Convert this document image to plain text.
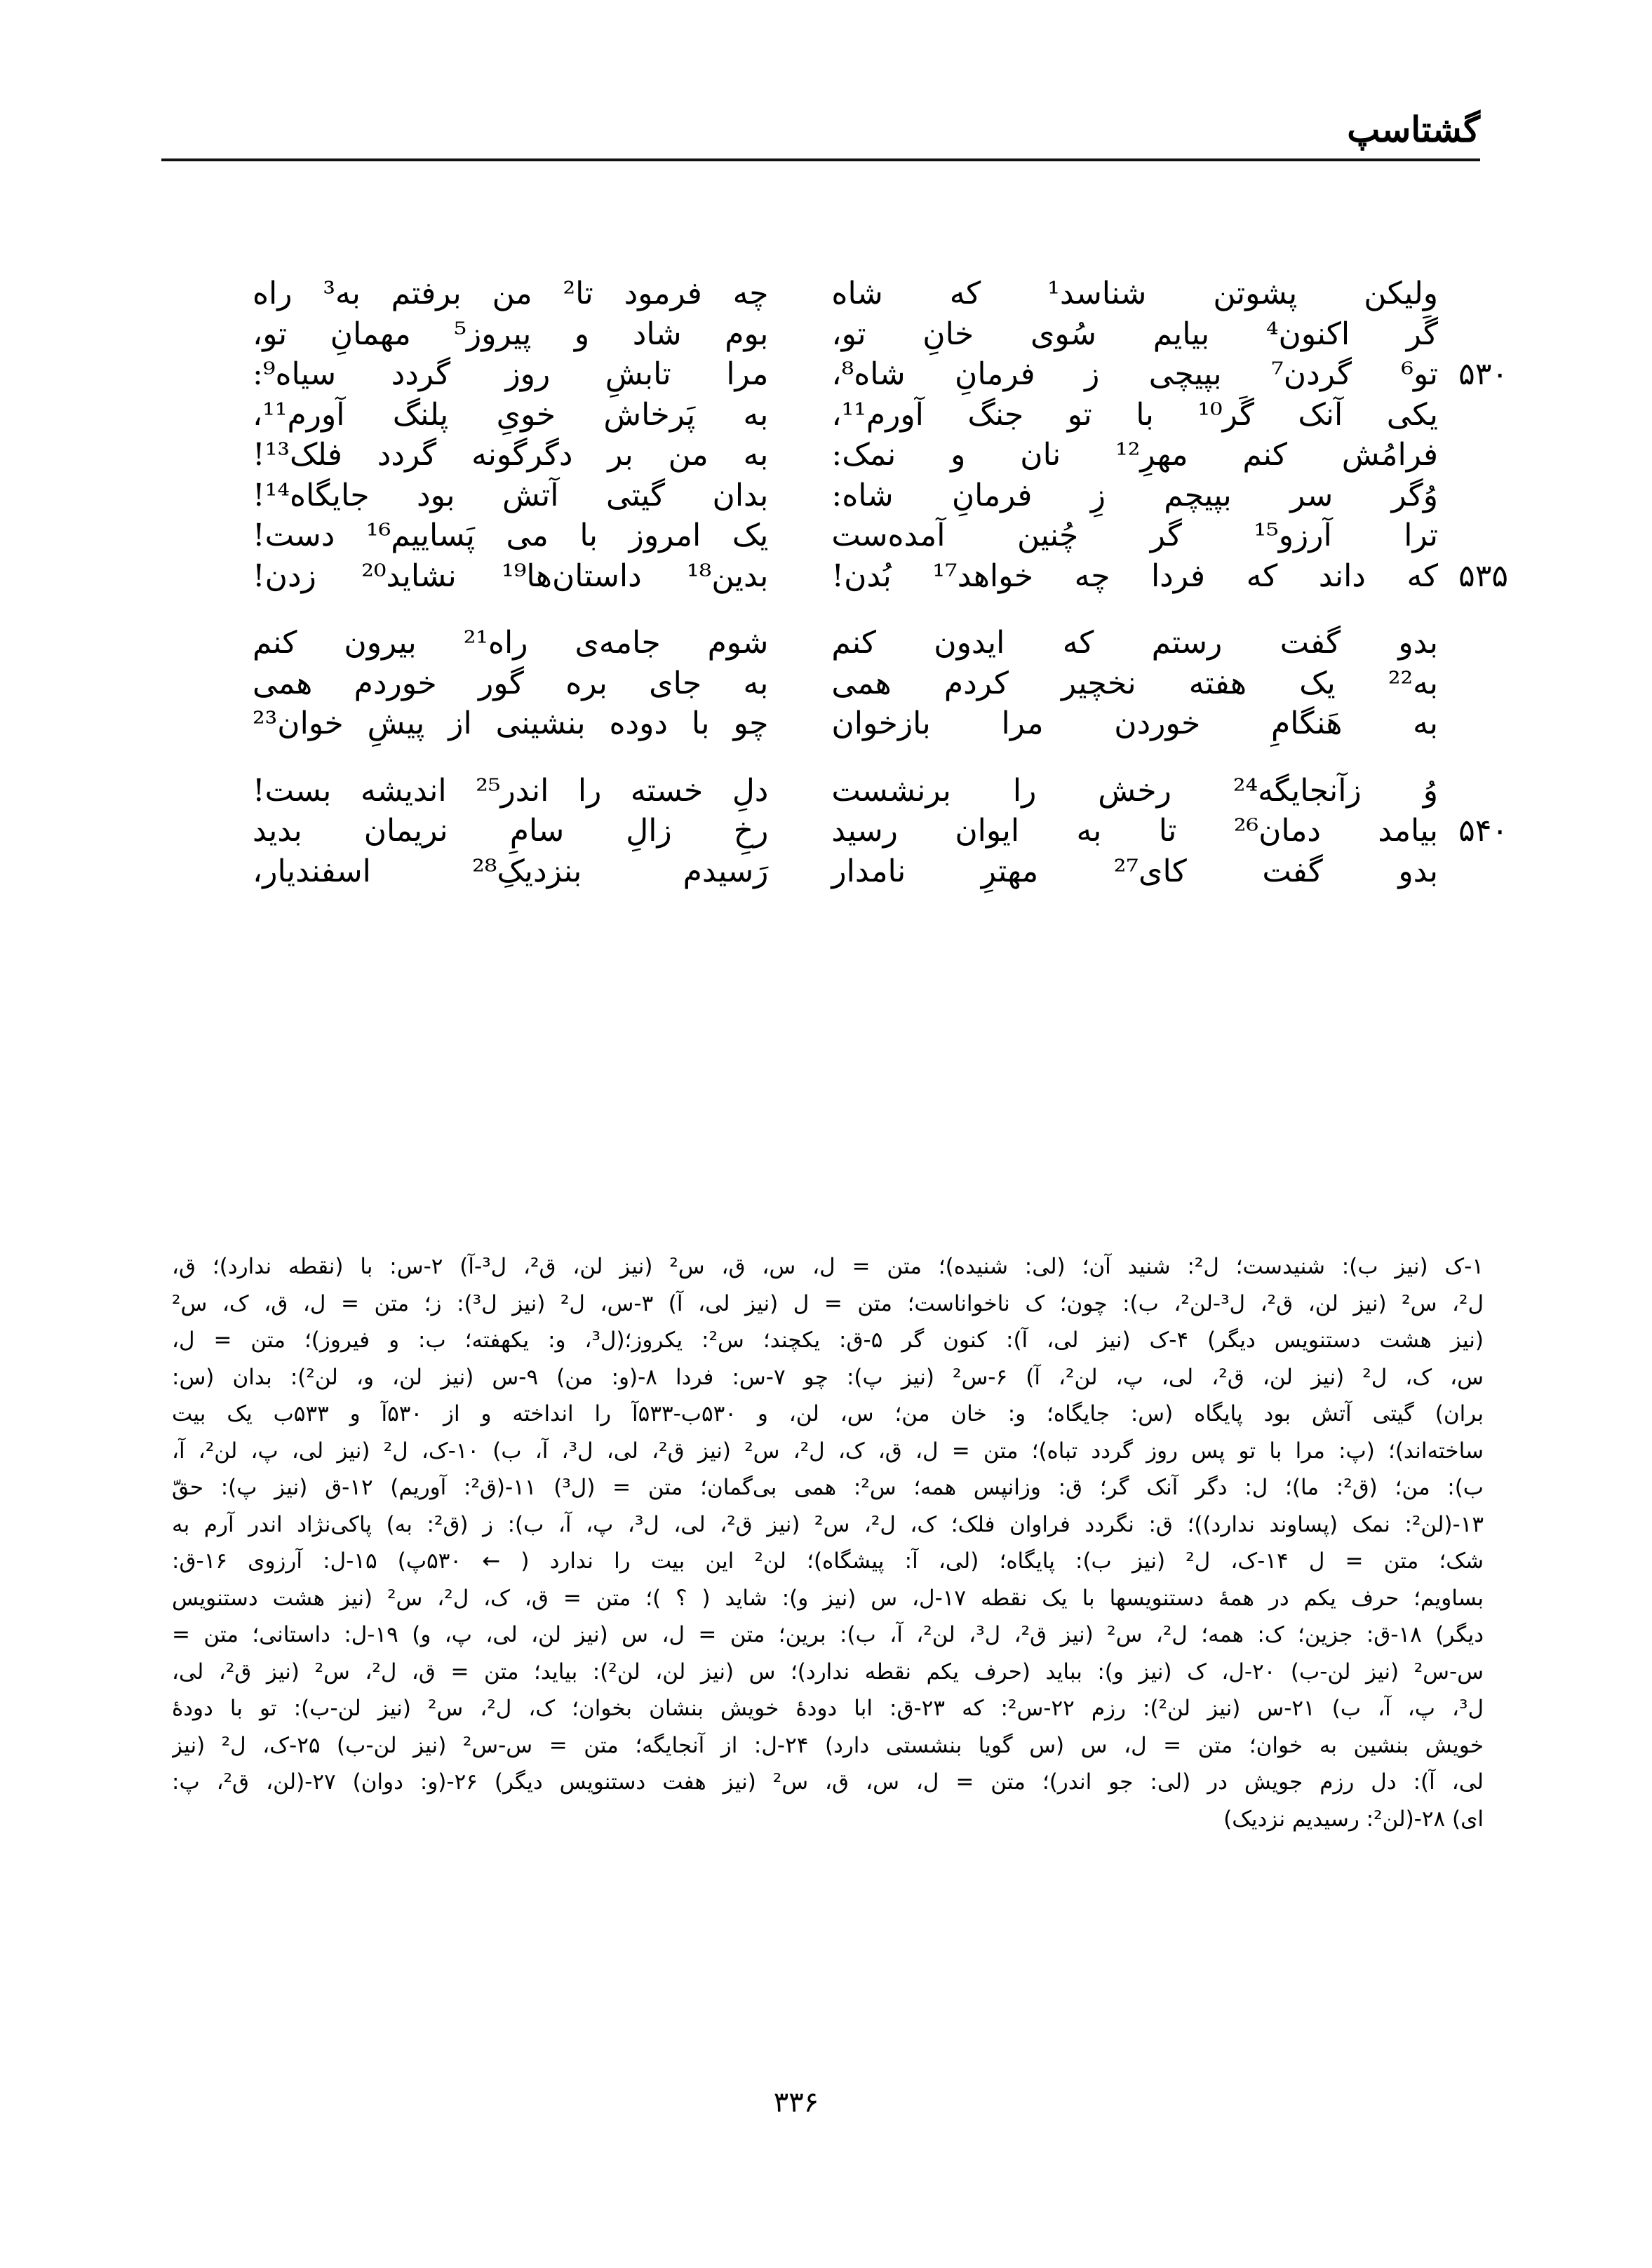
گشتاسپ
ولیکن پشوتن شناسد¹ که شاه
گَر اکنون⁴ بیایم سُوی خانِ تو،
۵۳۰
تو⁶ گردن⁷ بپیچی ز فرمانِ شاه⁸،
یکی آنک گَر¹⁰ با تو جنگ آورم¹¹،
فرامُش کنم مهرِ¹² نان و نمک:
وُگر سر بپیچم زِ فرمانِ شاه:
ترا آرزو¹⁵ گر چُنین آمده‌ست
۵۳۵
که داند که فردا چه خواهد¹⁷ بُدن!
چه فرمود تا² من برفتم به³ راه
بوم شاد و پیروز⁵ مهمانِ تو،
مرا تابشِ روز گردد سیاه⁹:
به پَرخاش خویِ پلنگ آورم¹¹،
به من بر دگرگونه گردد فلک¹³!
بدان گیتی آتش بود جایگاه¹⁴!
یک امروز با می پَساییم¹⁶ دست!
بدین¹⁸ داستان‌ها¹⁹ نشاید²⁰ زدن!
بدو گفت رستم که ایدون کنم
به²² یک هفته نخچیر کردم همی
به هَنگامِ خوردن مرا بازخوان
شوم جامه‌ی راه²¹ بیرون کنم
به جای بره گور خوردم همی
چو با دوده بنشینی از پیشِ خوان²³
وُ زآنجایگه²⁴ رخش را برنشست
۵۴۰
بیامد دمان²⁶ تا به ایوان رسید
بدو گفت کای²⁷ مهترِ نامدار
دلِ خسته را اندر²⁵ اندیشه بست!
رخِ زالِ سامِ نریمان بدید
رَسیدم بنزدیکِ²⁸ اسفندیار،
۱-ک (نیز ب): شنیدست؛ ل²: شنید آن؛ (لی: شنیده)؛ متن = ل، س، ق، س² (نیز لن، ق²، ل³-آ) ۲-س: با (نقطه ندارد)؛ ق،
ل²، س² (نیز لن، ق²، ل³-لن²، ب): چون؛ ک ناخواناست؛ متن = ل (نیز لی، آ) ۳-س، ل² (نیز ل³): ز؛ متن = ل، ق، ک، س²
(نیز هشت دستنویس دیگر) ۴-ک (نیز لی، آ): کنون گر ۵-ق: یکچند؛ س²: یکروز؛(ل³، و: یکهفته؛ ب: و فیروز)؛ متن = ل،
س، ک، ل² (نیز لن، ق²، لی، پ، لن²، آ) ۶-س² (نیز پ): چو ۷-س: فردا ۸-(و: من) ۹-س (نیز لن، و، لن²): بدان (س:
بران) گیتی آتش بود پایگاه (س: جایگاه؛ و: خان من؛ س، لن، و ۵۳۰ب-۵۳۳آ را انداخته و از ۵۳۰آ و ۵۳۳ب یک بیت
ساخته‌اند)؛ (پ: مرا با تو پس روز گردد تباه)؛ متن = ل، ق، ک، ل²، س² (نیز ق²، لی، ل³، آ، ب) ۱۰-ک، ل² (نیز لی، پ، لن²، آ،
ب): من؛ (ق²: ما)؛ ل: دگر آنک گر؛ ق: وزانپس همه؛ س²: همی بی‌گمان؛ متن = (ل³) ۱۱-(ق²: آوریم) ۱۲-ق (نیز پ): حقّ
۱۳-(لن²: نمک (پساوند ندارد))؛ ق: نگردد فراوان فلک؛ ک، ل²، س² (نیز ق²، لی، ل³، پ، آ، ب): ز (ق²: به) پاکی‌نژاد اندر آرم به
شک؛ متن = ل ۱۴-ک، ل² (نیز ب): پایگاه؛ (لی، آ: پیشگاه)؛ لن² این بیت را ندارد ( ← ۵۳۰پ) ۱۵-ل: آرزوی ۱۶-ق:
بساویم؛ حرف یکم در همهٔ دستنویسها با یک نقطه ۱۷-ل، س (نیز و): شاید ( ؟ )؛ متن = ق، ک، ل²، س² (نیز هشت دستنویس
دیگر) ۱۸-ق: جزین؛ ک: همه؛ ل²، س² (نیز ق²، ل³، لن²، آ، ب): برین؛ متن = ل، س (نیز لن، لی، پ، و) ۱۹-ل: داستانی؛ متن =
س-س² (نیز لن-ب) ۲۰-ل، ک (نیز و): بباید (حرف یکم نقطه ندارد)؛ س (نیز لن، لن²): بیاید؛ متن = ق، ل²، س² (نیز ق²، لی،
ل³، پ، آ، ب) ۲۱-س (نیز لن²): رزم ۲۲-س²: که ۲۳-ق: ابا دودهٔ خویش بنشان بخوان؛ ک، ل²، س² (نیز لن-ب): تو با دودهٔ
خویش بنشین به خوان؛ متن = ل، س (س گویا بنشستی دارد) ۲۴-ل: از آنجایگه؛ متن = س-س² (نیز لن-ب) ۲۵-ک، ل² (نیز
لی، آ): دل رزم جویش در (لی: جو اندر)؛ متن = ل، س، ق، س² (نیز هفت دستنویس دیگر) ۲۶-(و: دوان) ۲۷-(لن، ق²، پ:
ای) ۲۸-(لن²: رسیدیم نزدیک)
۳۳۶
